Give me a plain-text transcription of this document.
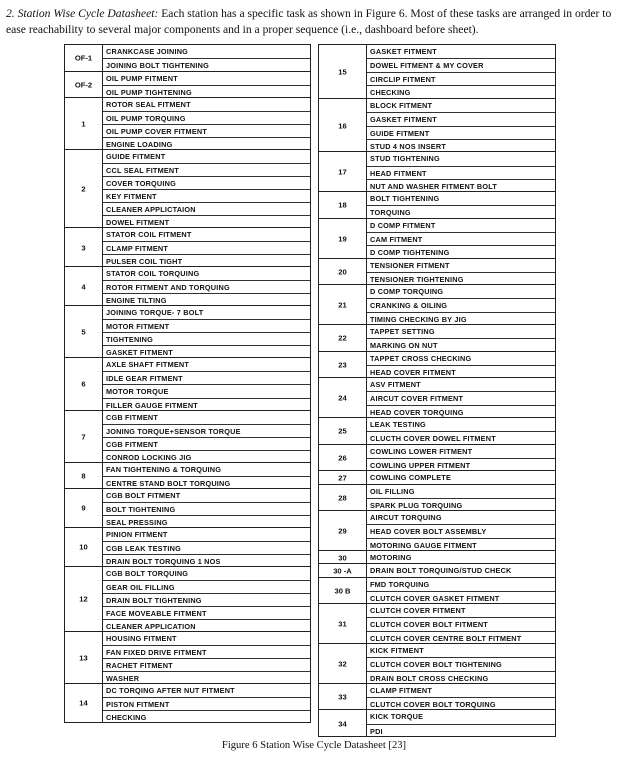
2. Station Wise Cycle Datasheet: Each station has a specific task as shown in Figure 6. Most of these tasks are arranged in order to ease reachability to several major components and in a proper sequence (i.e., dashboard before sheet).
OF-1
CRANKCASE JOINING
JOINING BOLT TIGHTENING
OF-2
OIL PUMP FITMENT
OIL PUMP TIGHTENING
1
ROTOR SEAL FITMENT
OIL PUMP TORQUING
OIL PUMP COVER FITMENT
ENGINE LOADING
2
GUIDE FITMENT
CCL SEAL FITMENT
COVER TORQUING
KEY FITMENT
CLEANER APPLICTAION
DOWEL FITMENT
3
STATOR COIL FITMENT
CLAMP FITMENT
PULSER COIL TIGHT
4
STATOR COIL TORQUING
ROTOR FITMENT AND TORQUING
ENGINE TILTING
5
JOINING TORQUE- 7 BOLT
MOTOR FITMENT
TIGHTENING
GASKET FITMENT
6
AXLE SHAFT FITMENT
IDLE GEAR FITMENT
MOTOR TORQUE
FILLER GAUGE FITMENT
7
CGB FITMENT
JONING TORQUE+SENSOR TORQUE
CGB FITMENT
CONROD LOCKING JIG
8
FAN TIGHTENING & TORQUING
CENTRE STAND BOLT TORQUING
9
CGB BOLT FITMENT
BOLT TIGHTENING
SEAL PRESSING
10
PINION FITMENT
CGB LEAK TESTING
DRAIN BOLT TORQUING 1 NOS
12
CGB BOLT TORQUING
GEAR OIL FILLING
DRAIN BOLT TIGHTENING
FACE MOVEABLE FITMENT
CLEANER APPLICATION
13
HOUSING FITMENT
FAN FIXED DRIVE FITMENT
RACHET FITMENT
WASHER
14
DC TORQING AFTER NUT FITMENT
PISTON FITMENT
CHECKING
15
GASKET FITMENT
DOWEL FITMENT & MY COVER
CIRCLIP FITMENT
CHECKING
16
BLOCK FITMENT
GASKET FITMENT
GUIDE FITMENT
STUD 4 NOS INSERT
17
STUD TIGHTENING
HEAD FITMENT
NUT AND WASHER FITMENT BOLT
18
BOLT TIGHTENING
TORQUING
19
D COMP FITMENT
CAM FITMENT
D COMP TIGHTENING
20
TENSIONER FITMENT
TENSIONER TIGHTENING
21
D COMP TORQUING
CRANKING & OILING
TIMING CHECKING BY JIG
22
TAPPET SETTING
MARKING ON NUT
23
TAPPET CROSS CHECKING
HEAD COVER FITMENT
24
ASV FITMENT
AIRCUT COVER FITMENT
HEAD COVER TORQUING
25
LEAK TESTING
CLUCTH COVER DOWEL FITMENT
26
COWLING LOWER FITMENT
COWLING UPPER FITMENT
27	COWLING COMPLETE
28
OIL FILLING
SPARK PLUG TORQUING
29
AIRCUT TORQUING
HEAD COVER BOLT ASSEMBLY
MOTORING GAUGE FITMENT
30	MOTORING
30 -A	DRAIN BOLT TORQUING/STUD CHECK
30 B
FMD TORQUING
CLUTCH COVER GASKET FITMENT
31
CLUTCH COVER FITMENT
CLUTCH COVER BOLT FITMENT
CLUTCH COVER CENTRE BOLT FITMENT
32
KICK FITMENT
CLUTCH COVER BOLT TIGHTENING
DRAIN BOLT CROSS CHECKING
33
CLAMP FITMENT
CLUTCH COVER BOLT TORQUING
34
KICK TORQUE
PDI
Figure 6 Station Wise Cycle Datasheet [23]
